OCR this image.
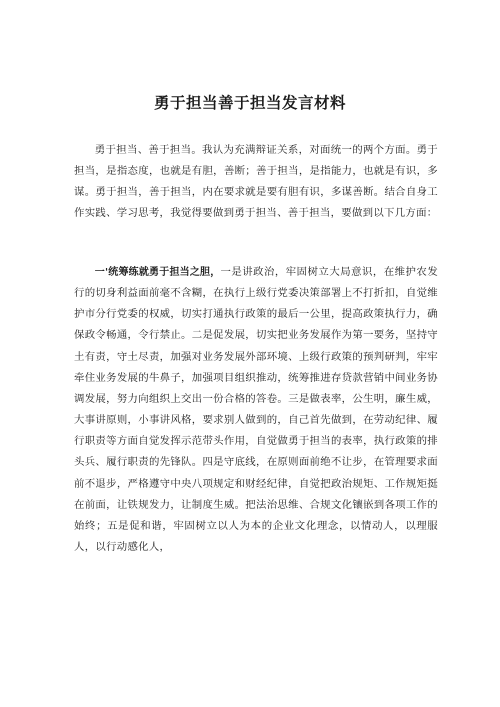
勇于担当善于担当发言材料

勇于担当、善于担当。我认为充满辩证关系，对面统一的两个方面。勇于担当，是指态度，也就是有胆，善断；善于担当，是指能力，也就是有识，多谋。勇于担当，善于担当，内在要求就是要有胆有识，多谋善断。结合自身工作实践、学习思考，我觉得要做到勇于担当、善于担当，要做到以下几方面：

一'统筹练就勇于担当之胆，一是讲政治，牢固树立大局意识，在维护农发行的切身利益面前毫不含糊，在执行上级行党委决策部署上不打折扣，自觉维护市分行党委的权威，切实打通执行政策的最后一公里，提高政策执行力，确保政令畅通，令行禁止。二是促发展，切实把业务发展作为第一要务，坚持守土有责，守土尽责，加强对业务发展外部环境、上级行政策的预判研判，牢牢牵住业务发展的牛鼻子，加强项目组织推动，统筹推进存贷款营销中间业务协调发展，努力向组织上交出一份合格的答卷。三是做表率，公生明，廉生威，大事讲原则，小事讲风格，要求别人做到的，自己首先做到，在劳动纪律、履行职责等方面自觉发挥示范带头作用，自觉做勇于担当的表率，执行政策的排头兵、履行职责的先锋队。四是守底线，在原则面前绝不让步，在管理要求面前不退步，严格遵守中央八项规定和财经纪律，自觉把政治规矩、工作规矩挺在前面，让铁规发力，让制度生威。把法治思维、合规文化镶嵌到各项工作的始终；五是促和谐，牢固树立以人为本的企业文化理念，以情动人，以理服人，以行动感化人，
